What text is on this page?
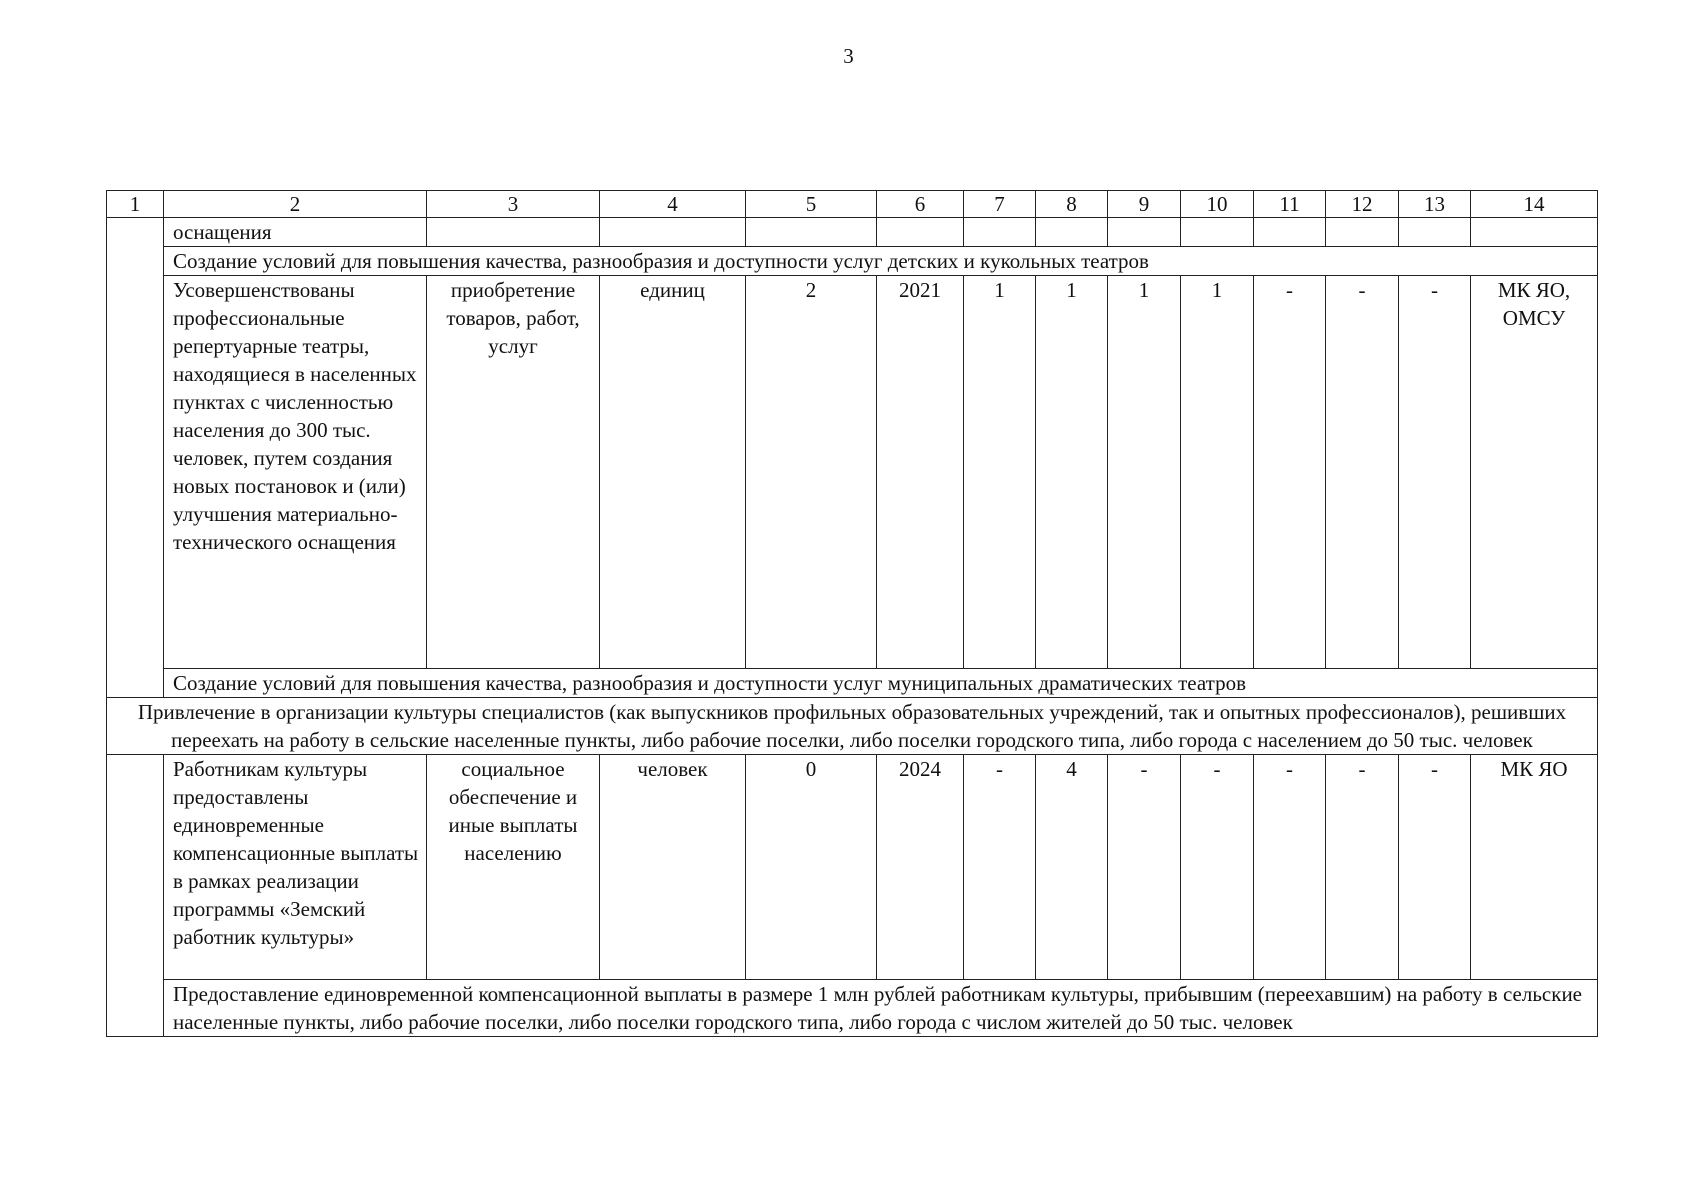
3
1	2	3	4	5	6	7	8	9	10	11	12	13	14
	оснащения												
	Создание условий для повышения качества, разнообразия и доступности услуг детских и кукольных театров												
	Усовершенствованы профессиональные репертуарные театры, находящиеся в населенных пунктах с численностью населения до 300 тыс. человек, путем создания новых постановок и (или) улучшения материально-технического оснащения	приобретение товаров, работ, услуг	единиц	2	2021	1	1	1	1	-	-	-	МК ЯО, ОМСУ
	Создание условий для повышения качества, разнообразия и доступности услуг муниципальных драматических театров												
Привлечение в организации культуры специалистов (как выпускников профильных образовательных учреждений, так и опытных профессионалов), решивших переехать на работу в сельские населенные пункты, либо рабочие поселки, либо поселки городского типа, либо города с населением до 50 тыс. человек													
	Работникам культуры предоставлены единовременные компенсационные выплаты в рамках реализации программы «Земский работник культуры»	социальное обеспечение и иные выплаты населению	человек	0	2024	-	4	-	-	-	-	-	МК ЯО
	Предоставление единовременной компенсационной выплаты в размере 1 млн рублей работникам культуры, прибывшим (переехавшим) на работу в сельские населенные пункты, либо рабочие поселки, либо поселки городского типа, либо города с числом жителей до 50 тыс. человек												
